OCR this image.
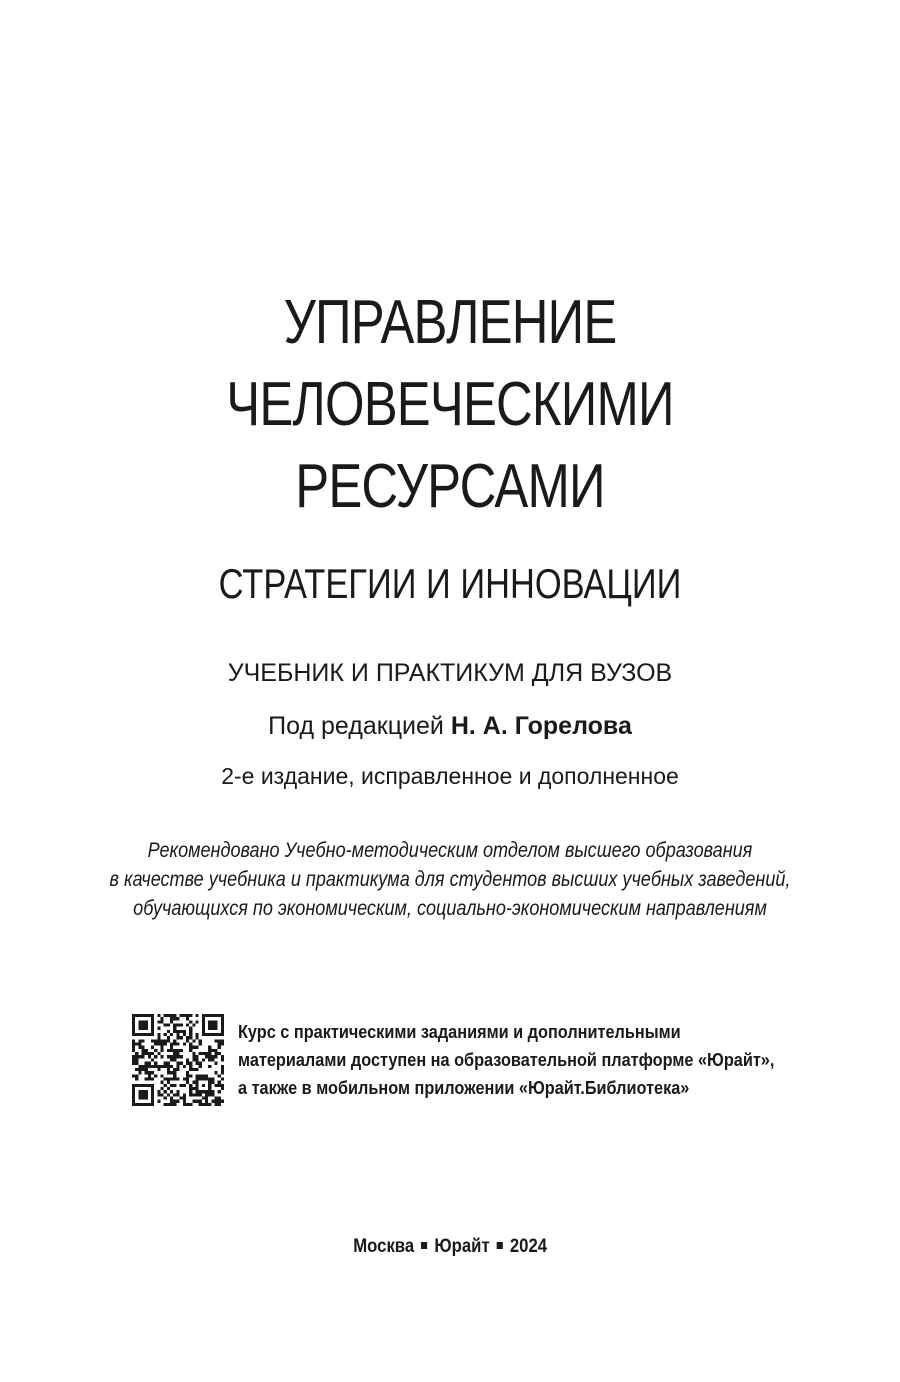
УПРАВЛЕНИЕ
ЧЕЛОВЕЧЕСКИМИ
РЕСУРСАМИ
СТРАТЕГИИ И ИННОВАЦИИ
УЧЕБНИК И ПРАКТИКУМ ДЛЯ ВУЗОВ
Под редакцией Н. А. Горелова
2-е издание, исправленное и дополненное
Рекомендовано Учебно-методическим отделом высшего образования
в качестве учебника и практикума для студентов высших учебных заведений,
обучающихся по экономическим, социально-экономическим направлениям
Курс с практическими заданиями и дополнительными
материалами доступен на образовательной платформе «Юрайт»,
а также в мобильном приложении «Юрайт.Библиотека»
Москва Юрайт 2024
